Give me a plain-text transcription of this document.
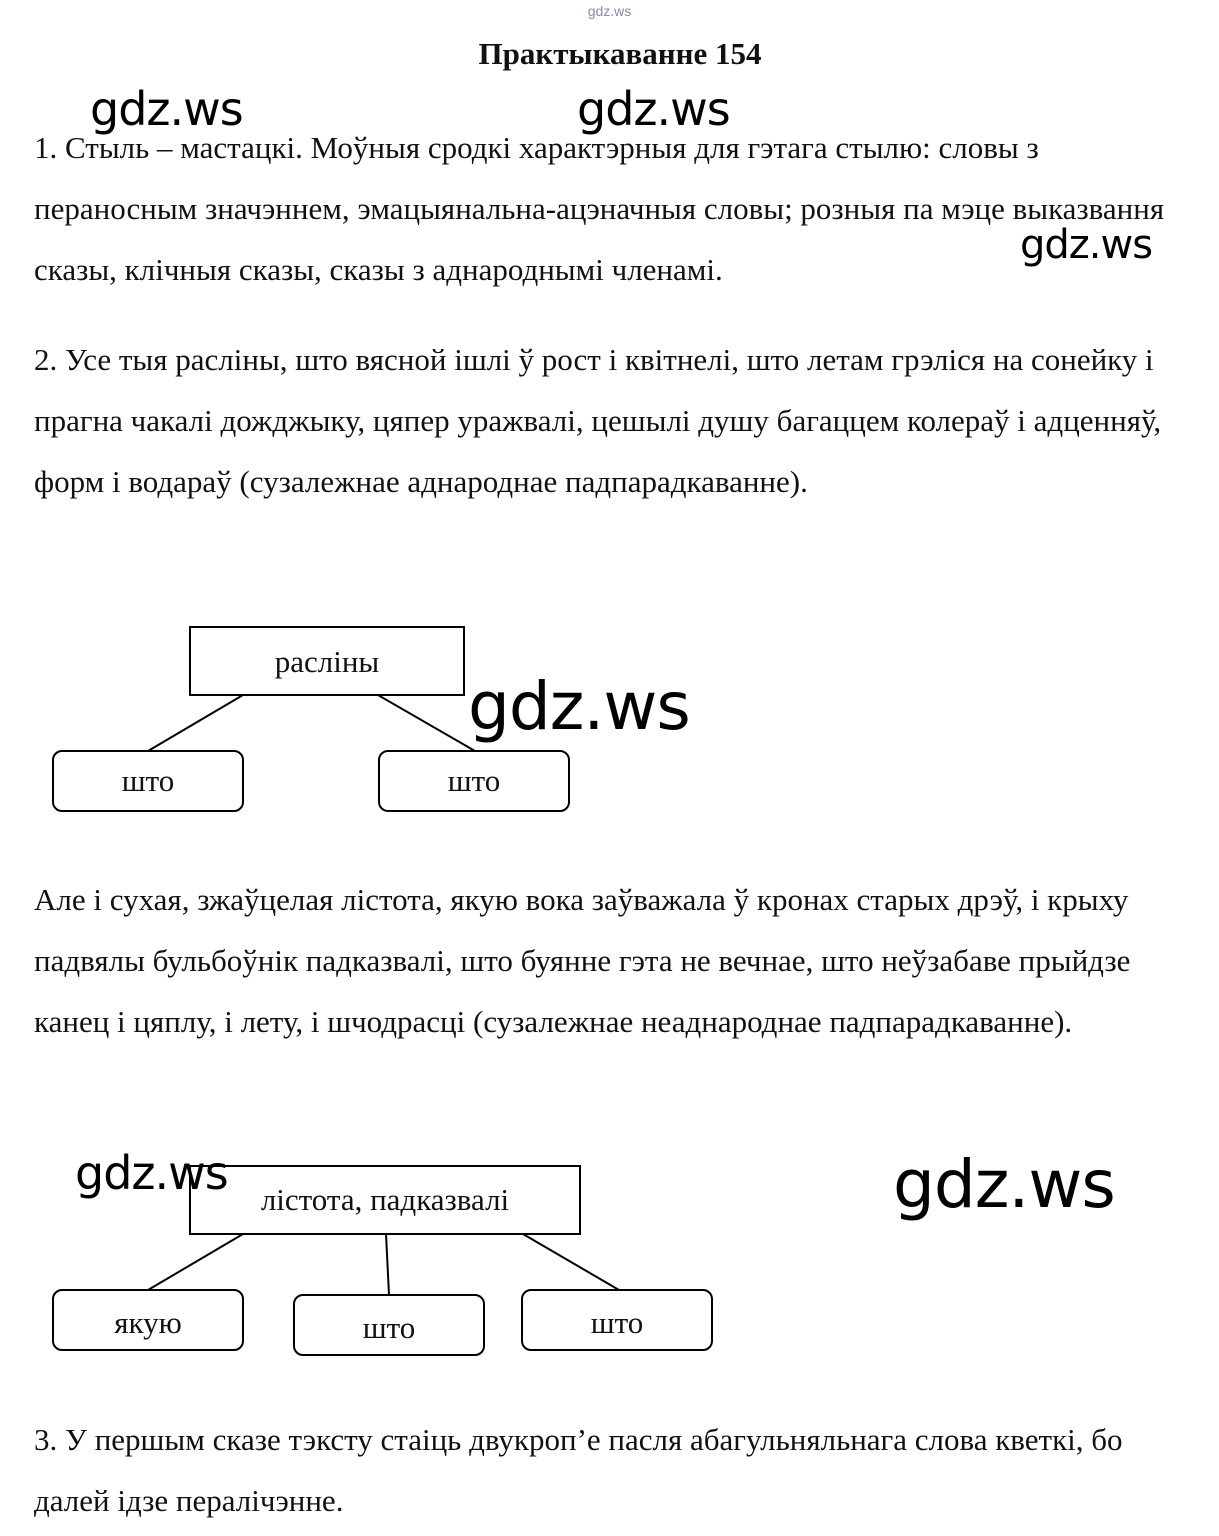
gdz.ws
Практыкаванне 154

1. Стыль – мастацкі. Моўныя сродкі характэрныя для гэтага стылю: словы з пераносным значэннем, эмацыянальна-ацэначныя словы; розныя па мэце выказвання сказы, клічныя сказы, сказы з аднароднымі членамі.

2. Усе тыя расліны, што вясной ішлі ў рост і квітнелі, што летам грэліся на сонейку і прагна чакалі дожджыку, цяпер уражвалі, цешылі душу багаццем колераў і адценняў, форм і водараў (сузалежнае аднароднае падпарадкаванне).

расліны
што	што

Але і сухая, зжаўцелая лістота, якую вока заўважала ў кронах старых дрэў, і крыху падвялы бульбоўнік падказвалі, што буянне гэта не вечнае, што неўзабаве прыйдзе канец і цяплу, і лету, і шчодрасці (сузалежнае неаднароднае падпарадкаванне).

лістота, падказвалі
якую	што	што

3. У першым сказе тэксту стаіць двукроп’е пасля абагульняльнага слова кветкі, бо далей ідзе пералічэнне.

gdz.ws	gdz.ws
gdz.ws
gdz.ws
gdz.ws	gdz.ws
